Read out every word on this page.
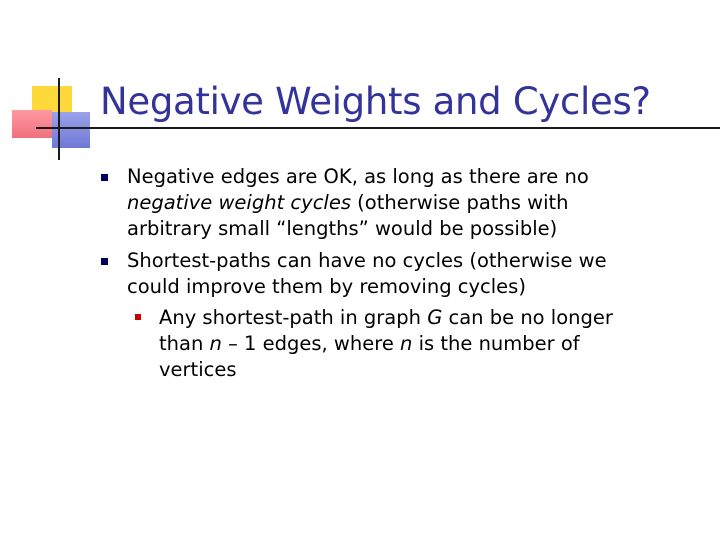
Negative Weights and Cycles?
Negative edges are OK, as long as there are no
negative weight cycles (otherwise paths with
arbitrary small “lengths” would be possible)
Shortest-paths can have no cycles (otherwise we
could improve them by removing cycles)
Any shortest-path in graph G can be no longer
than n – 1 edges, where n is the number of
vertices
